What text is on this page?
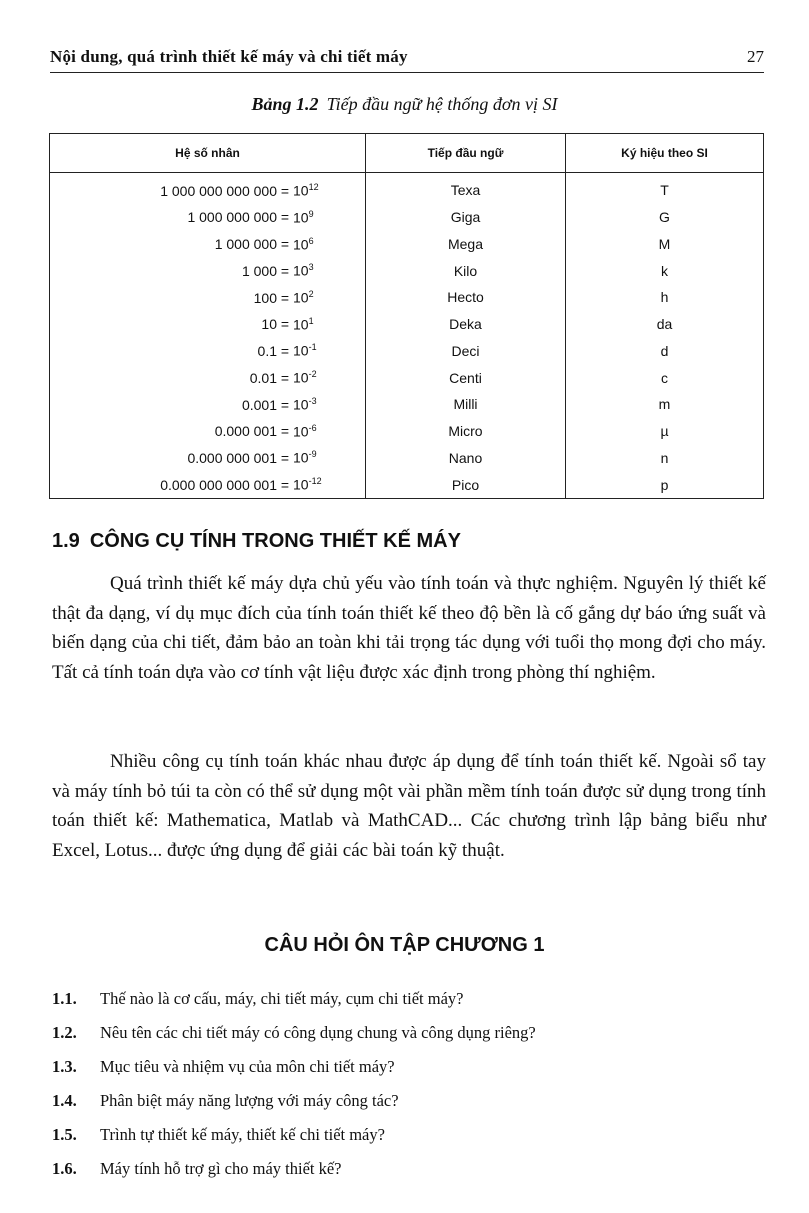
Nội dung, quá trình thiết kế máy và chi tiết máy	27
Bảng 1.2 Tiếp đầu ngữ hệ thống đơn vị SI
Hệ số nhân	Tiếp đầu ngữ	Ký hiệu theo SI
1 000 000 000 $000 = 10^{12}$	Texa	T
1 000 000 $000 = 10^9$	Giga	G
1 000 $000 = 10^6$	Mega	M
1 $000 = 10^3$	Kilo	k
$100 = 10^2$	Hecto	h
$10 = 10^1$	Deka	da
$0.1 = 10^{-1}$	Deci	d
$0.01 = 10^{-2}$	Centi	c
$0.001 = 10^{-3}$	Milli	m
0.000 $001 = 10^{-6}$	Micro	µ
0.000 000 $001 = 10^{-9}$	Nano	n
0.000 000 000 $001 = 10^{-12}$	Pico	p
1.9 CÔNG CỤ TÍNH TRONG THIẾT KẾ MÁY

Quá trình thiết kế máy dựa chủ yếu vào tính toán và thực nghiệm. Nguyên lý thiết kế thật đa dạng, ví dụ mục đích của tính toán thiết kế theo độ bền là cố gắng dự báo ứng suất và biến dạng của chi tiết, đảm bảo an toàn khi tải trọng tác dụng với tuổi thọ mong đợi cho máy. Tất cả tính toán dựa vào cơ tính vật liệu được xác định trong phòng thí nghiệm.

Nhiều công cụ tính toán khác nhau được áp dụng để tính toán thiết kế. Ngoài sổ tay và máy tính bỏ túi ta còn có thể sử dụng một vài phần mềm tính toán được sử dụng trong tính toán thiết kế: Mathematica, Matlab và MathCAD... Các chương trình lập bảng biểu như Excel, Lotus... được ứng dụng để giải các bài toán kỹ thuật.

CÂU HỎI ÔN TẬP CHƯƠNG 1
1.1. Thế nào là cơ cấu, máy, chi tiết máy, cụm chi tiết máy?
1.2. Nêu tên các chi tiết máy có công dụng chung và công dụng riêng?
1.3. Mục tiêu và nhiệm vụ của môn chi tiết máy?
1.4. Phân biệt máy năng lượng với máy công tác?
1.5. Trình tự thiết kế máy, thiết kế chi tiết máy?
1.6. Máy tính hỗ trợ gì cho máy thiết kế?
